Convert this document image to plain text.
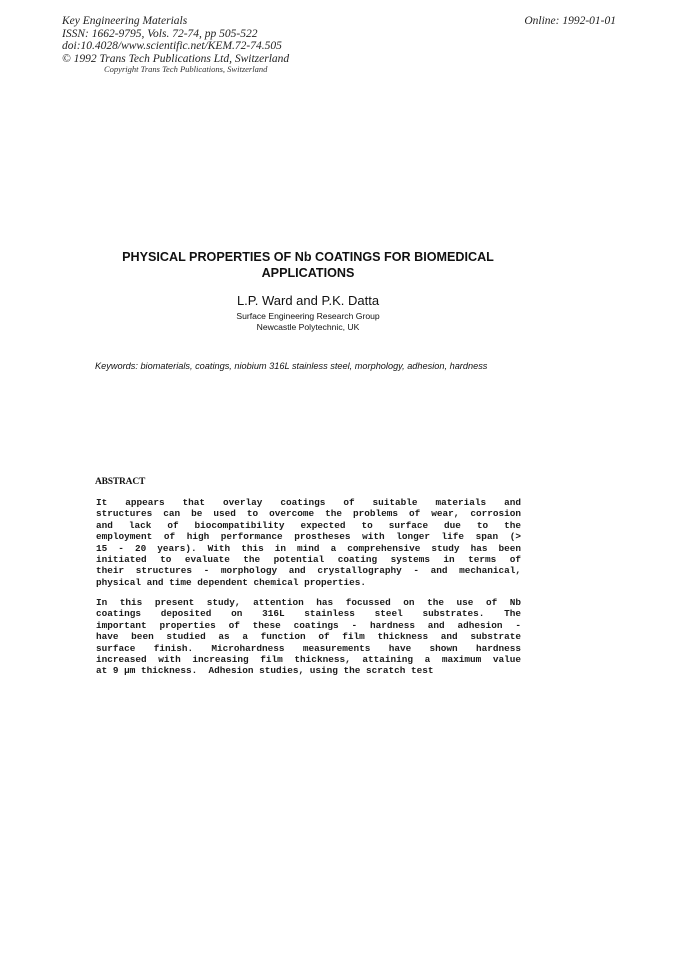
Key Engineering Materials
ISSN: 1662-9795, Vols. 72-74, pp 505-522
doi:10.4028/www.scientific.net/KEM.72-74.505
© 1992 Trans Tech Publications Ltd, Switzerland
Online: 1992-01-01
Copyright Trans Tech Publications, Switzerland
PHYSICAL PROPERTIES OF Nb COATINGS FOR BIOMEDICAL
APPLICATIONS
L.P. Ward and P.K. Datta
Surface Engineering Research Group
Newcastle Polytechnic, UK
Keywords: biomaterials, coatings, niobium 316L stainless steel, morphology, adhesion, hardness
ABSTRACT
It appears that overlay coatings of suitable materials and
structures can be used to overcome the problems of wear, corrosion
and lack of biocompatibility expected to surface due to the
employment of high performance prostheses with longer life span (>
15 - 20 years). With this in mind a comprehensive study has been
initiated to evaluate the potential coating systems in terms of
their structures - morphology and crystallography - and mechanical,
physical and time dependent chemical properties.
In this present study, attention has focussed on the use of Nb
coatings deposited on 316L stainless steel substrates. The
important properties of these coatings - hardness and adhesion -
have been studied as a function of film thickness and substrate
surface finish. Microhardness measurements have shown hardness
increased with increasing film thickness, attaining a maximum value
at 9 µm thickness.  Adhesion studies, using the scratch test
